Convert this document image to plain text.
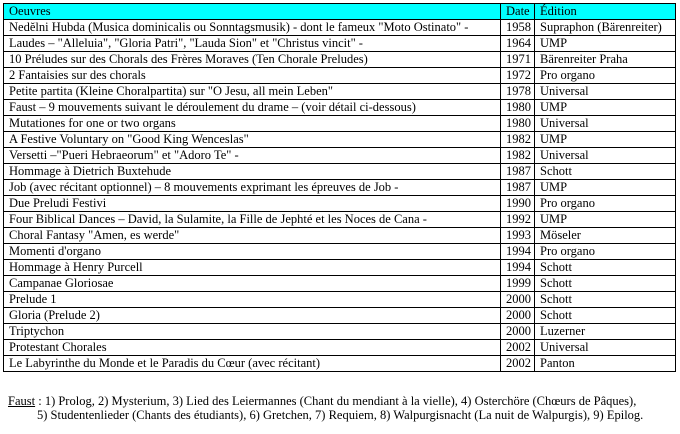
Oeuvres	Date	Édition
Nedĕlni Hubda (Musica dominicalis ou Sonntagsmusik) - dont le fameux "Moto Ostinato" -	1958	Supraphon (Bärenreiter)
Laudes – "Alleluia", "Gloria Patri", "Lauda Sion" et "Christus vincit" -	1964	UMP
10 Préludes sur des Chorals des Frères Moraves (Ten Chorale Preludes)	1971	Bärenreiter Praha
2 Fantaisies sur des chorals	1972	Pro organo
Petite partita (Kleine Choralpartita) sur "O Jesu, all mein Leben"	1978	Universal
Faust – 9 mouvements suivant le déroulement du drame – (voir détail ci-dessous)	1980	UMP
Mutationes for one or two organs	1980	Universal
A Festive Voluntary on "Good King Wenceslas"	1982	UMP
Versetti –"Pueri Hebraeorum" et "Adoro Te" -	1982	Universal
Hommage à Dietrich Buxtehude	1987	Schott
Job (avec récitant optionnel) – 8 mouvements exprimant les épreuves de Job -	1987	UMP
Due Preludi Festivi	1990	Pro organo
Four Biblical Dances – David, la Sulamite, la Fille de Jephté et les Noces de Cana -	1992	UMP
Choral Fantasy "Amen, es werde"	1993	Möseler
Momenti d'organo	1994	Pro organo
Hommage à Henry Purcell	1994	Schott
Campanae Gloriosae	1999	Schott
Prelude 1	2000	Schott
Gloria (Prelude 2)	2000	Schott
Triptychon	2000	Luzerner
Protestant Chorales	2002	Universal
Le Labyrinthe du Monde et le Paradis du Cœur (avec récitant)	2002	Panton
Faust : 1) Prolog, 2) Mysterium, 3) Lied des Leiermannes (Chant du mendiant à la vielle), 4) Osterchöre (Chœurs de Pâques),
5) Studentenlieder (Chants des étudiants), 6) Gretchen, 7) Requiem, 8) Walpurgisnacht (La nuit de Walpurgis), 9) Epilog.
